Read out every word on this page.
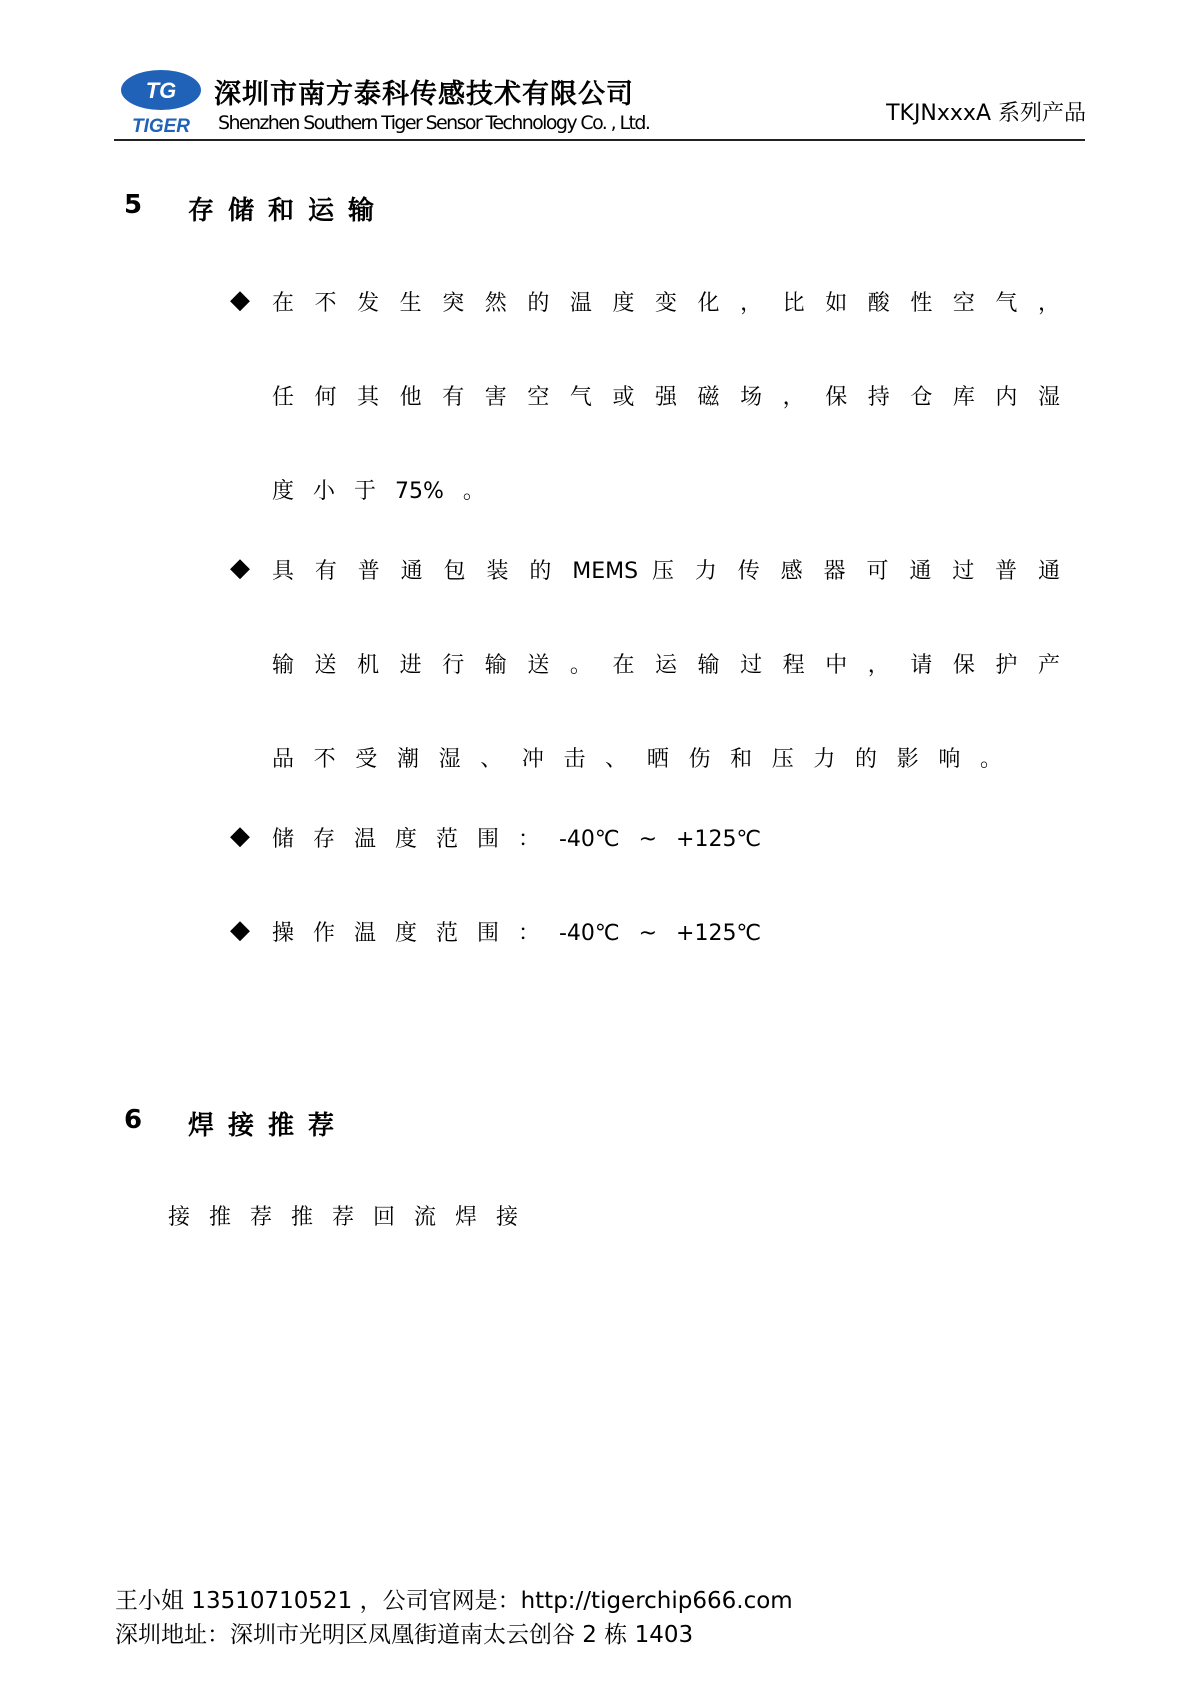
TG
TIGER
深圳市南方泰科传感技术有限公司
Shenzhen Southern Tiger Sensor Technology Co. , Ltd.	TKJNxxxA 系列产品
5 存储和运输
◆ 在 不 发 生 突 然 的 温 度 变 化 ， 比 如 酸 性 空 气 ，
任 何 其 他 有 害 空 气 或 强 磁 场 ， 保 持 仓 库 内 湿
度 小 于 75% 。
◆ 具 有 普 通 包 装 的 MEMS 压 力 传 感 器 可 通 过 普 通
输 送 机 进 行 输 送 。 在 运 输 过 程 中 ， 请 保 护 产
品 不 受 潮 湿 、 冲 击 、 晒 伤 和 压 力 的 影 响 。
◆ 储 存 温 度 范 围 ： -40℃ ~ +125℃
◆ 操 作 温 度 范 围 ： -40℃ ~ +125℃
6 焊接推荐
接推荐推荐回流焊接
王小姐 13510710521 ，公司官网是：http://tigerchip666.com
深圳地址：深圳市光明区凤凰街道南太云创谷 2 栋 1403
